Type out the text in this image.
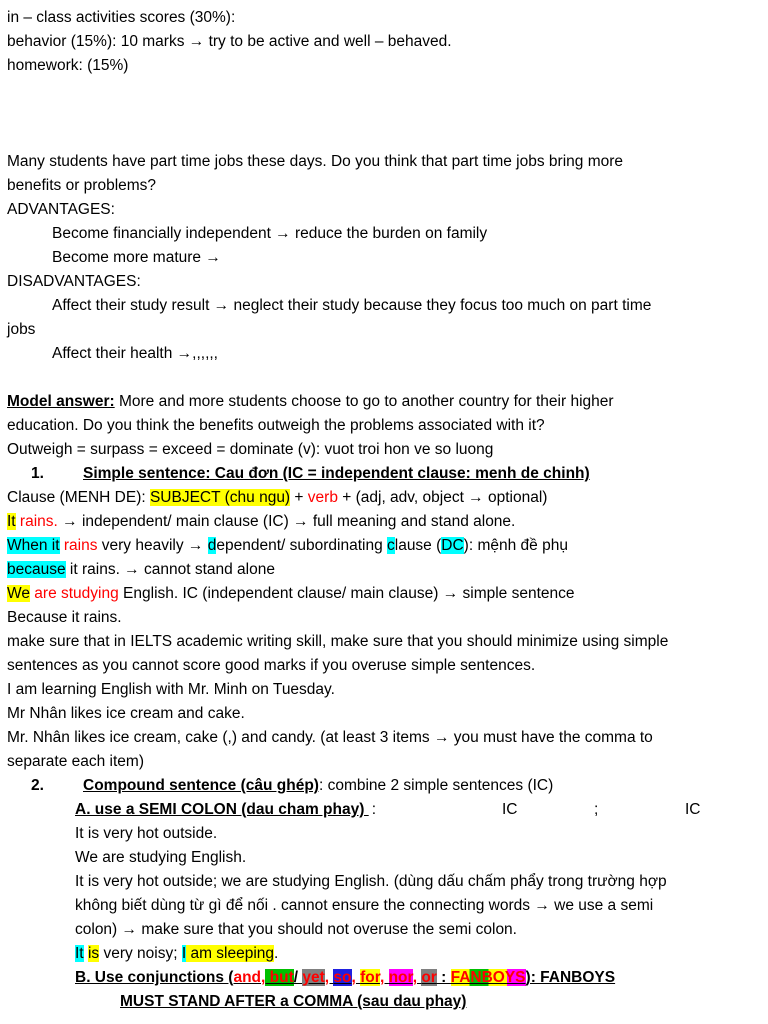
in – class activities scores (30%):
behavior (15%): 10 marks → try to be active and well – behaved.
homework: (15%)
Many students have part time jobs these days. Do you think that part time jobs bring more
benefits or problems?
ADVANTAGES:
Become financially independent → reduce the burden on family
Become more mature →
DISADVANTAGES:
Affect their study result → neglect their study because they focus too much on part time
jobs
Affect their health →,,,,,,
Model answer: More and more students choose to go to another country for their higher
education. Do you think the benefits outweigh the problems associated with it?
Outweigh = surpass = exceed = dominate (v): vuot troi hon ve so luong
1.	Simple sentence: Cau đơn (IC = independent clause: menh de chinh)
Clause (MENH DE): SUBJECT (chu ngu) + verb + (adj, adv, object → optional)
It rains. → independent/ main clause (IC) → full meaning and stand alone.
When it rains very heavily → dependent/ subordinating clause (DC): mệnh đề phụ
because it rains. → cannot stand alone
We are studying English. IC (independent clause/ main clause) → simple sentence
Because it rains.
make sure that in IELTS academic writing skill, make sure that you should minimize using simple
sentences as you cannot score good marks if you overuse simple sentences.
I am learning English with Mr. Minh on Tuesday.
Mr Nhân likes ice cream and cake.
Mr. Nhân likes ice cream, cake (,) and candy. (at least 3 items → you must have the comma to
separate each item)
2.	Compound sentence (câu ghép): combine 2 simple sentences (IC)
A. use a SEMI COLON (dau cham phay) :	IC	;	IC
It is very hot outside.
We are studying English.
It is very hot outside; we are studying English. (dùng dấu chấm phẩy trong trường hợp
không biết dùng từ gì để nối . cannot ensure the connecting words → we use a semi
colon) → make sure that you should not overuse the semi colon.
It is very noisy; I am sleeping.
B. Use conjunctions (and, but/ yet, so, for, nor, or : FANBOYS): FANBOYS
MUST STAND AFTER a COMMA (sau dau phay)
